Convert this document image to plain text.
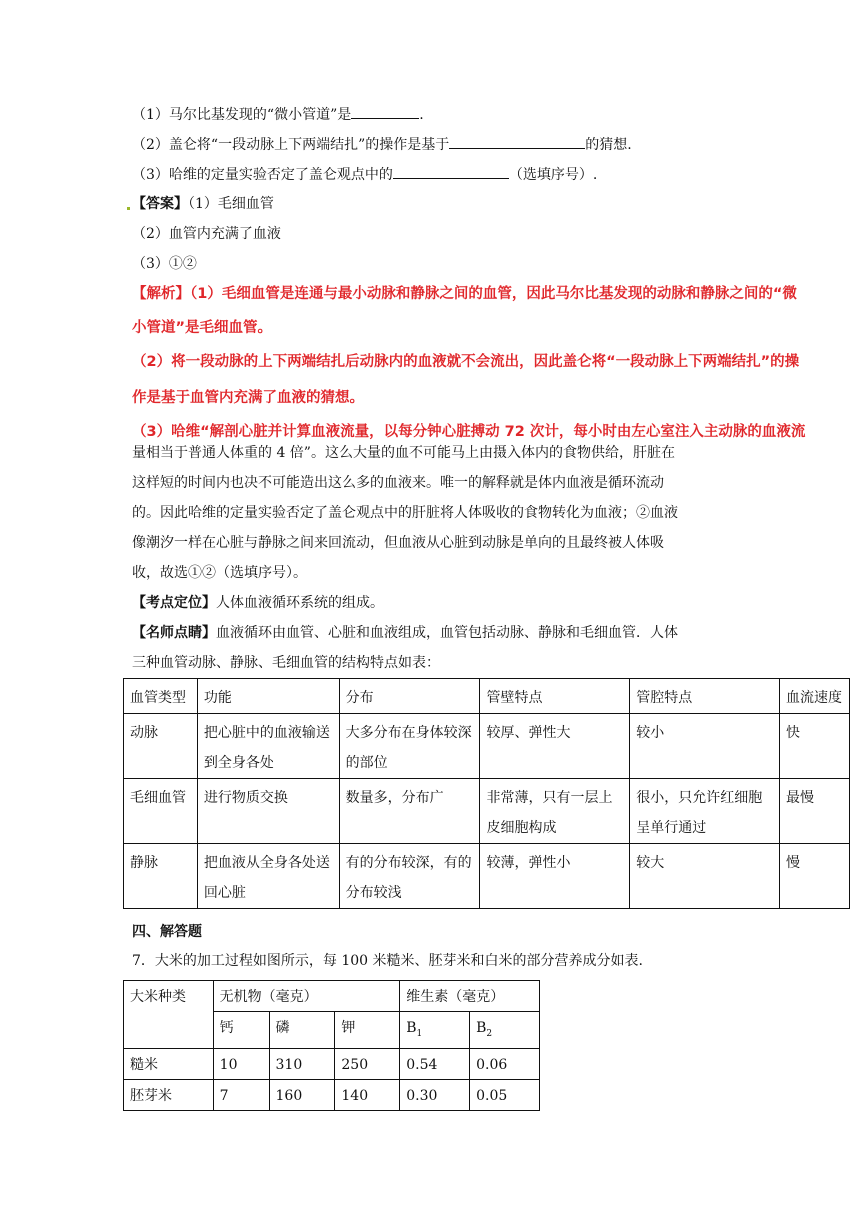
（1）马尔比基发现的“微小管道”是	.
（2）盖仑将“一段动脉上下两端结扎”的操作是基于	的猜想.
（3）哈维的定量实验否定了盖仑观点中的	（选填序号）.
【答案】（1）毛细血管
（2）血管内充满了血液
（3）①②
【解析】（1）毛细血管是连通与最小动脉和静脉之间的血管，因此马尔比基发现的动脉和静脉之间的“微
小管道”是毛细血管。
（2）将一段动脉的上下两端结扎后动脉内的血液就不会流出，因此盖仑将“一段动脉上下两端结扎”的操
作是基于血管内充满了血液的猜想。
（3）哈维“解剖心脏并计算血液流量，以每分钟心脏搏动 72 次计，每小时由左心室注入主动脉的血液流
量相当于普通人体重的 4 倍”。这么大量的血不可能马上由摄入体内的食物供给，肝脏在
这样短的时间内也决不可能造出这么多的血液来。唯一的解释就是体内血液是循环流动
的。因此哈维的定量实验否定了盖仑观点中的肝脏将人体吸收的食物转化为血液；②血液
像潮汐一样在心脏与静脉之间来回流动，但血液从心脏到动脉是单向的且最终被人体吸
收，故选①②（选填序号）。
【考点定位】人体血液循环系统的组成。
【名师点睛】血液循环由血管、心脏和血液组成，血管包括动脉、静脉和毛细血管．人体
三种血管动脉、静脉、毛细血管的结构特点如表：
血管类型	功能	分布	管壁特点	管腔特点	血流速度
动脉	把心脏中的血液输送到全身各处	大多分布在身体较深的部位	较厚、弹性大	较小	快
毛细血管	进行物质交换	数量多，分布广	非常薄，只有一层上皮细胞构成	很小，只允许红细胞呈单行通过	最慢
静脉	把血液从全身各处送回心脏	有的分布较深，有的分布较浅	较薄，弹性小	较大	慢
四、解答题
7．大米的加工过程如图所示，每 100 米糙米、胚芽米和白米的部分营养成分如表.
大米种类	无机物（毫克）			维生素（毫克）	
	钙	磷	钾	$B_1$	$B_2$
糙米	10	310	250	0.54	0.06
胚芽米	7	160	140	0.30	0.05
